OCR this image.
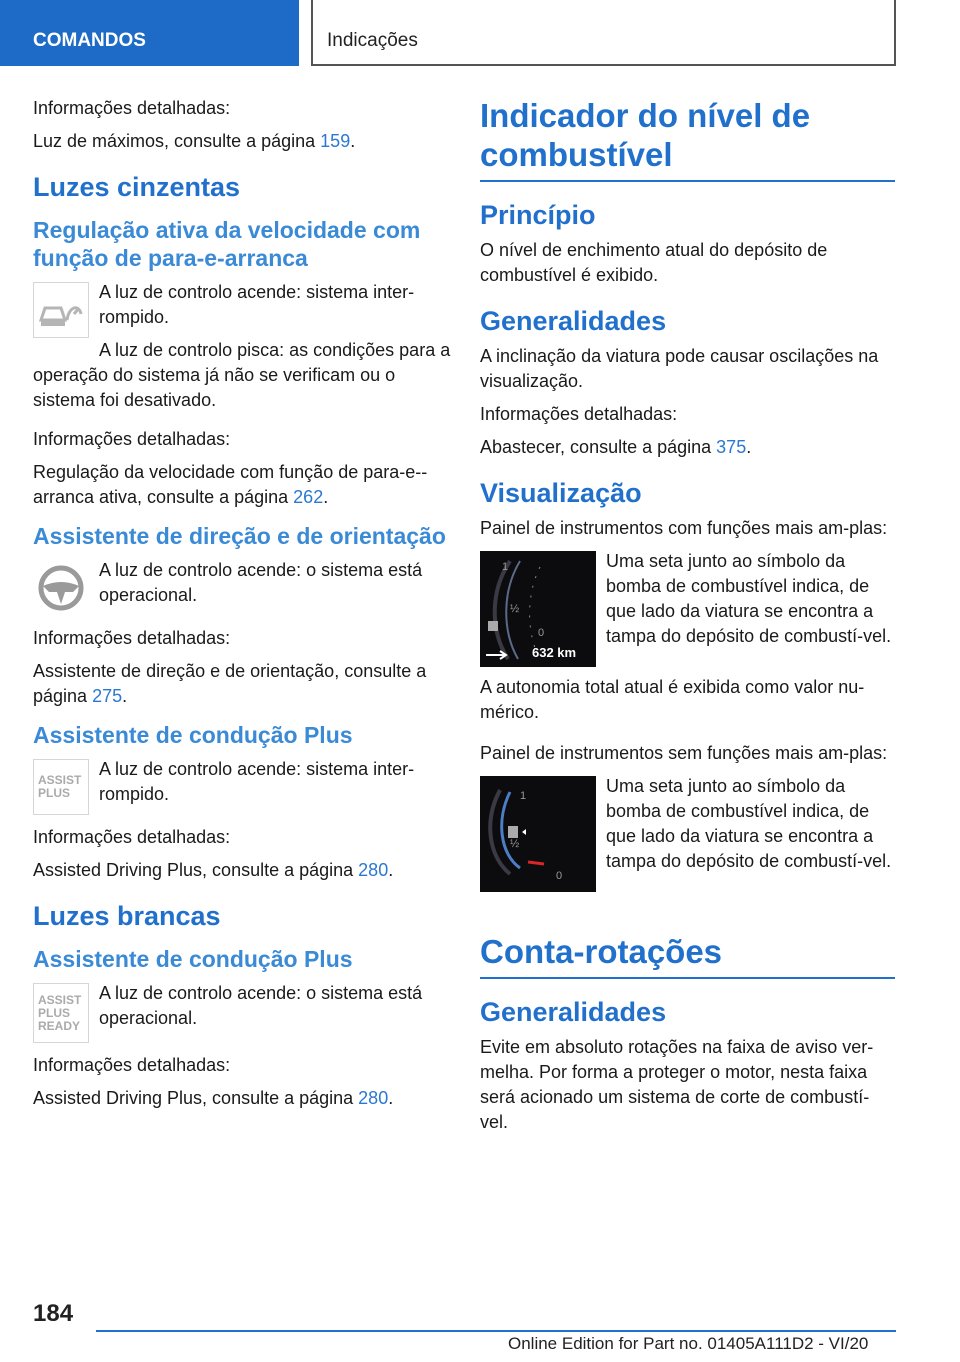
COMANDOS	Indicações

Informações detalhadas:

Luz de máximos, consulte a página 159.

Luzes cinzentas
Regulação ativa da velocidade com função de para-e-arranca

A luz de controlo acende: sistema inter-rompido.

A luz de controlo pisca: as condições para a operação do sistema já não se verificam ou o sistema foi desativado.

Informações detalhadas:

Regulação da velocidade com função de para-e--arranca ativa, consulte a página 262.

Assistente de direção e de orientação

A luz de controlo acende: o sistema está operacional.

Informações detalhadas:

Assistente de direção e de orientação, consulte a página 275.

Assistente de condução Plus
ASSIST PLUS

A luz de controlo acende: sistema inter-rompido.

Informações detalhadas:

Assisted Driving Plus, consulte a página 280.

Luzes brancas
Assistente de condução Plus
ASSIST PLUS READY

A luz de controlo acende: o sistema está operacional.

Informações detalhadas:

Assisted Driving Plus, consulte a página 280.

Indicador do nível de combustível
Princípio

O nível de enchimento atual do depósito de combustível é exibido.

Generalidades

A inclinação da viatura pode causar oscilações na visualização.

Informações detalhadas:

Abastecer, consulte a página 375.

Visualização

Painel de instrumentos com funções mais am-plas:

1
½
0
632 km

Uma seta junto ao símbolo da bomba de combustível indica, de que lado da viatura se encontra a tampa do depósito de combustí-vel.

A autonomia total atual é exibida como valor nu-mérico.

Painel de instrumentos sem funções mais am-plas:

1
½
0

Uma seta junto ao símbolo da bomba de combustível indica, de que lado da viatura se encontra a tampa do depósito de combustí-vel.

Conta-rotações
Generalidades

Evite em absoluto rotações na faixa de aviso ver-melha. Por forma a proteger o motor, nesta faixa será acionado um sistema de corte de combustí-vel.

184
Online Edition for Part no. 01405A111D2 - VI/20
